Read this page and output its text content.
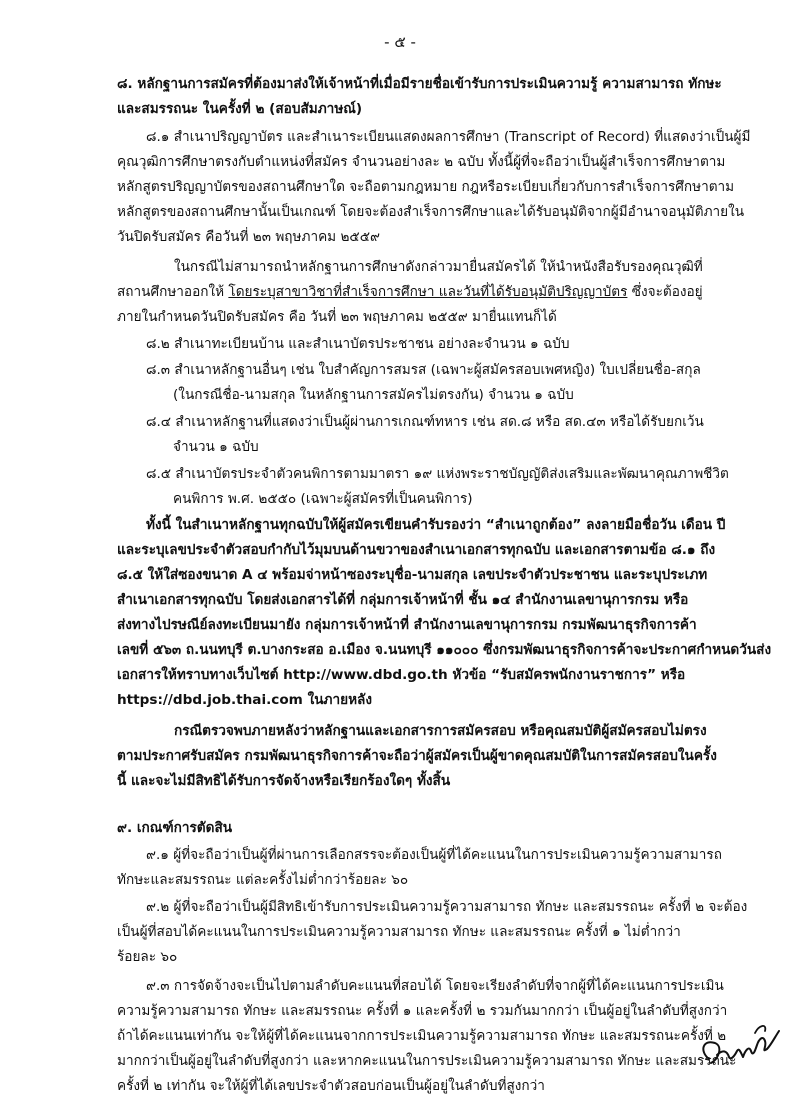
- ๕ -
๘. หลักฐานการสมัครที่ต้องมาส่งให้เจ้าหน้าที่เมื่อมีรายชื่อเข้ารับการประเมินความรู้ ความสามารถ ทักษะ
และสมรรถนะ ในครั้งที่ ๒ (สอบสัมภาษณ์)
๘.๑ สำเนาปริญญาบัตร และสำเนาระเบียนแสดงผลการศึกษา (Transcript of Record) ที่แสดงว่าเป็นผู้มี
คุณวุฒิการศึกษาตรงกับตำแหน่งที่สมัคร จำนวนอย่างละ ๒ ฉบับ ทั้งนี้ผู้ที่จะถือว่าเป็นผู้สำเร็จการศึกษาตาม
หลักสูตรปริญญาบัตรของสถานศึกษาใด จะถือตามกฎหมาย กฎหรือระเบียบเกี่ยวกับการสำเร็จการศึกษาตาม
หลักสูตรของสถานศึกษานั้นเป็นเกณฑ์ โดยจะต้องสำเร็จการศึกษาและได้รับอนุมัติจากผู้มีอำนาจอนุมัติภายใน
วันปิดรับสมัคร คือวันที่ ๒๓ พฤษภาคม ๒๕๕๙
ในกรณีไม่สามารถนำหลักฐานการศึกษาดังกล่าวมายื่นสมัครได้ ให้นำหนังสือรับรองคุณวุฒิที่
สถานศึกษาออกให้ โดยระบุสาขาวิชาที่สำเร็จการศึกษา และวันที่ได้รับอนุมัติปริญญาบัตร ซึ่งจะต้องอยู่
ภายในกำหนดวันปิดรับสมัคร คือ วันที่ ๒๓ พฤษภาคม ๒๕๕๙ มายื่นแทนก็ได้
๘.๒ สำเนาทะเบียนบ้าน และสำเนาบัตรประชาชน อย่างละจำนวน ๑ ฉบับ
๘.๓ สำเนาหลักฐานอื่นๆ เช่น ใบสำคัญการสมรส (เฉพาะผู้สมัครสอบเพศหญิง) ใบเปลี่ยนชื่อ-สกุล
(ในกรณีชื่อ-นามสกุล ในหลักฐานการสมัครไม่ตรงกัน) จำนวน ๑ ฉบับ
๘.๔ สำเนาหลักฐานที่แสดงว่าเป็นผู้ผ่านการเกณฑ์ทหาร เช่น สด.๘ หรือ สด.๔๓ หรือได้รับยกเว้น
จำนวน ๑ ฉบับ
๘.๕ สำเนาบัตรประจำตัวคนพิการตามมาตรา ๑๙ แห่งพระราชบัญญัติส่งเสริมและพัฒนาคุณภาพชีวิต
คนพิการ พ.ศ. ๒๕๕๐ (เฉพาะผู้สมัครที่เป็นคนพิการ)
ทั้งนี้ ในสำเนาหลักฐานทุกฉบับให้ผู้สมัครเขียนคำรับรองว่า “สำเนาถูกต้อง” ลงลายมือชื่อวัน เดือน ปี
และระบุเลขประจำตัวสอบกำกับไว้มุมบนด้านขวาของสำเนาเอกสารทุกฉบับ และเอกสารตามข้อ ๘.๑ ถึง
๘.๕ ให้ใส่ซองขนาด A ๔ พร้อมจ่าหน้าซองระบุชื่อ-นามสกุล เลขประจำตัวประชาชน และระบุประเภท
สำเนาเอกสารทุกฉบับ โดยส่งเอกสารได้ที่ กลุ่มการเจ้าหน้าที่ ชั้น ๑๔ สำนักงานเลขานุการกรม หรือ
ส่งทางไปรษณีย์ลงทะเบียนมายัง กลุ่มการเจ้าหน้าที่ สำนักงานเลขานุการกรม กรมพัฒนาธุรกิจการค้า
เลขที่ ๕๖๓ ถ.นนทบุรี ต.บางกระสอ อ.เมือง จ.นนทบุรี ๑๑๐๐๐ ซึ่งกรมพัฒนาธุรกิจการค้าจะประกาศกำหนดวันส่ง
เอกสารให้ทราบทางเว็บไซต์ http://www.dbd.go.th หัวข้อ “รับสมัครพนักงานราชการ” หรือ
https://dbd.job.thai.com ในภายหลัง
กรณีตรวจพบภายหลังว่าหลักฐานและเอกสารการสมัครสอบ หรือคุณสมบัติผู้สมัครสอบไม่ตรง
ตามประกาศรับสมัคร กรมพัฒนาธุรกิจการค้าจะถือว่าผู้สมัครเป็นผู้ขาดคุณสมบัติในการสมัครสอบในครั้ง
นี้ และจะไม่มีสิทธิได้รับการจัดจ้างหรือเรียกร้องใดๆ ทั้งสิ้น
๙. เกณฑ์การตัดสิน
๙.๑ ผู้ที่จะถือว่าเป็นผู้ที่ผ่านการเลือกสรรจะต้องเป็นผู้ที่ได้คะแนนในการประเมินความรู้ความสามารถ
ทักษะและสมรรถนะ แต่ละครั้งไม่ต่ำกว่าร้อยละ ๖๐
๙.๒ ผู้ที่จะถือว่าเป็นผู้มีสิทธิเข้ารับการประเมินความรู้ความสามารถ ทักษะ และสมรรถนะ ครั้งที่ ๒ จะต้อง
เป็นผู้ที่สอบได้คะแนนในการประเมินความรู้ความสามารถ ทักษะ และสมรรถนะ ครั้งที่ ๑ ไม่ต่ำกว่า
ร้อยละ ๖๐
๙.๓ การจัดจ้างจะเป็นไปตามลำดับคะแนนที่สอบได้ โดยจะเรียงลำดับที่จากผู้ที่ได้คะแนนการประเมิน
ความรู้ความสามารถ ทักษะ และสมรรถนะ ครั้งที่ ๑ และครั้งที่ ๒ รวมกันมากกว่า เป็นผู้อยู่ในลำดับที่สูงกว่า
ถ้าได้คะแนนเท่ากัน จะให้ผู้ที่ได้คะแนนจากการประเมินความรู้ความสามารถ ทักษะ และสมรรถนะครั้งที่ ๒
มากกว่าเป็นผู้อยู่ในลำดับที่สูงกว่า และหากคะแนนในการประเมินความรู้ความสามารถ ทักษะ และสมรรถนะ
ครั้งที่ ๒ เท่ากัน จะให้ผู้ที่ได้เลขประจำตัวสอบก่อนเป็นผู้อยู่ในลำดับที่สูงกว่า
